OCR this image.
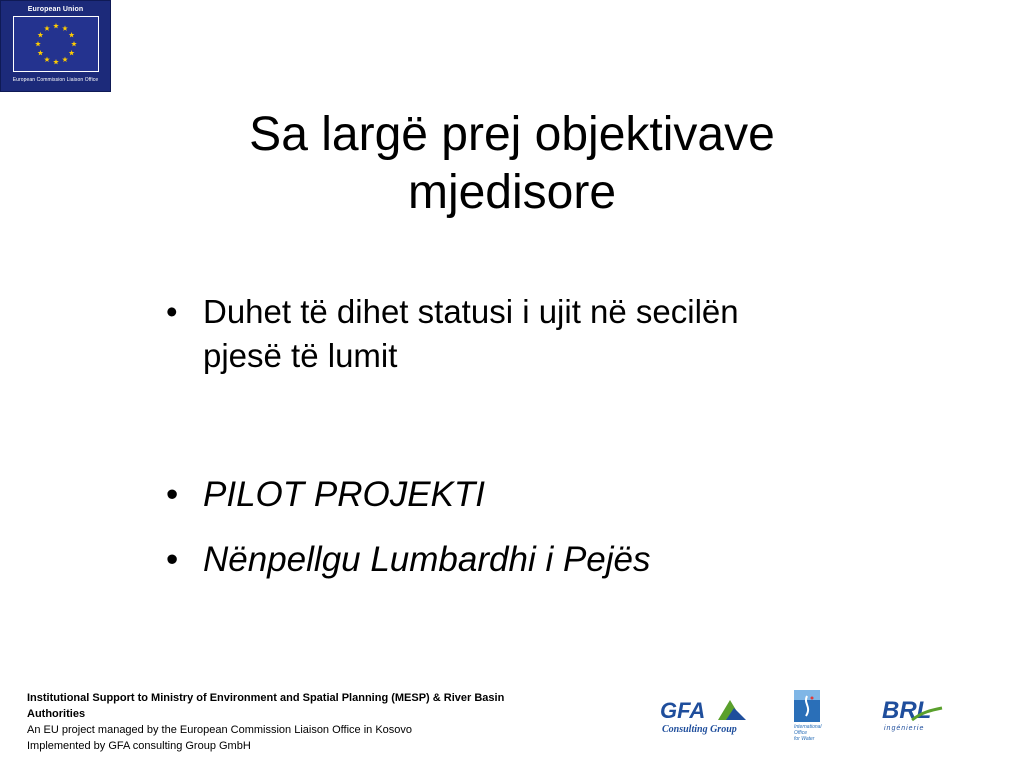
European Union
European Commission Liaison Office
Sa largë prej objektivave
mjedisore
• Duhet të dihet statusi i ujit në secilën
pjesë të lumit
• PILOT PROJEKTI
• Nënpellgu Lumbardhi i Pejës
Institutional Support to Ministry of Environment and Spatial Planning (MESP) & River Basin
Authorities
An EU project managed by the European Commission Liaison Office in Kosovo
Implemented by GFA consulting Group GmbH
GFA
Consulting Group	International
Office
for Water
BRL
ingénierie
